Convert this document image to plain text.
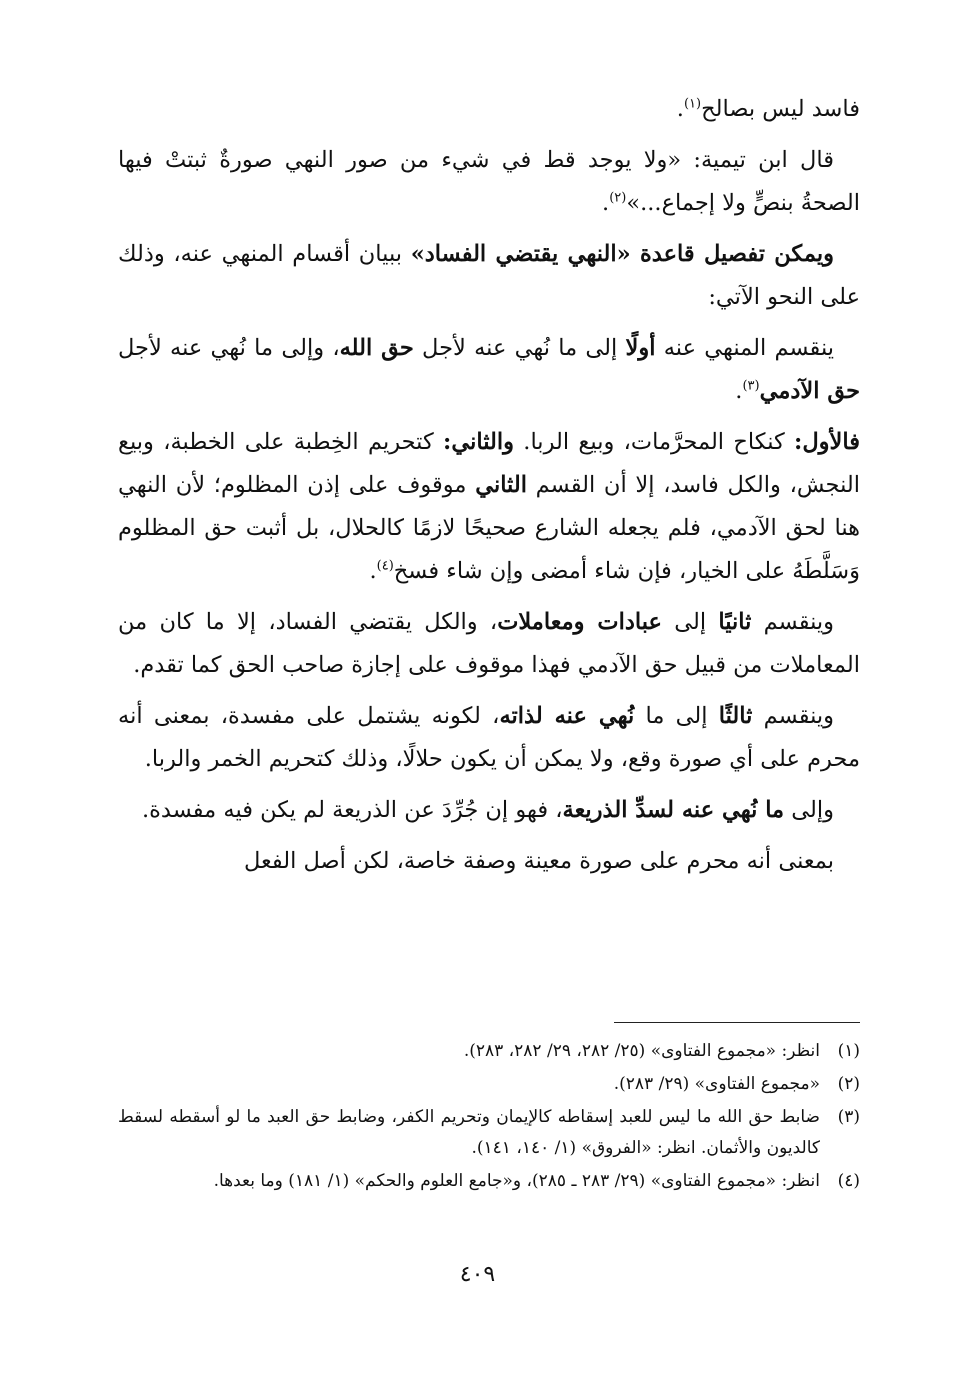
فاسد ليس بصالح$^{(١)}$.

قال ابن تيمية: «ولا يوجد قط في شيء من صور النهي صورةٌ ثبتتْ فيها الصحةُ بنصٍّ ولا إجماع...»$^{(٢)}$.

ويمكن تفصيل قاعدة «النهي يقتضي الفساد» ببيان أقسام المنهي عنه، وذلك على النحو الآتي:

ينقسم المنهي عنه أولًا إلى ما نُهي عنه لأجل حق الله، وإلى ما نُهي عنه لأجل حق الآدمي$^{(٣)}$.

فالأول: كنكاح المحرَّمات، وبيع الربا. والثاني: كتحريم الخِطبة على الخطبة، وبيع النجش، والكل فاسد، إلا أن القسم الثاني موقوف على إذن المظلوم؛ لأن النهي هنا لحق الآدمي، فلم يجعله الشارع صحيحًا لازمًا كالحلال، بل أثبت حق المظلوم وَسَلَّطَهُ على الخيار، فإن شاء أمضى وإن شاء فسخ$^{(٤)}$.

وينقسم ثانيًا إلى عبادات ومعاملات، والكل يقتضي الفساد، إلا ما كان من المعاملات من قبيل حق الآدمي فهذا موقوف على إجازة صاحب الحق كما تقدم.

وينقسم ثالثًا إلى ما نُهي عنه لذاته، لكونه يشتمل على مفسدة، بمعنى أنه محرم على أي صورة وقع، ولا يمكن أن يكون حلالًا، وذلك كتحريم الخمر والربا.

وإلى ما نُهي عنه لسدِّ الذريعة، فهو إن جُرِّدَ عن الذريعة لم يكن فيه مفسدة.

بمعنى أنه محرم على صورة معينة وصفة خاصة، لكن أصل الفعل

(١)
انظر: «مجموع الفتاوى» (٢٥/ ٢٨٢، ٢٩/ ٢٨٢، ٢٨٣).
(٢)
«مجموع الفتاوى» (٢٩/ ٢٨٣).
(٣)
ضابط حق الله ما ليس للعبد إسقاطه كالإيمان وتحريم الكفر، وضابط حق العبد ما لو أسقطه لسقط كالديون والأثمان. انظر: «الفروق» (١/ ١٤٠، ١٤١).
(٤)
انظر: «مجموع الفتاوى» (٢٩/ ٢٨٣ ـ ٢٨٥)، و«جامع العلوم والحكم» (١/ ١٨١) وما بعدها.
٤٠٩
